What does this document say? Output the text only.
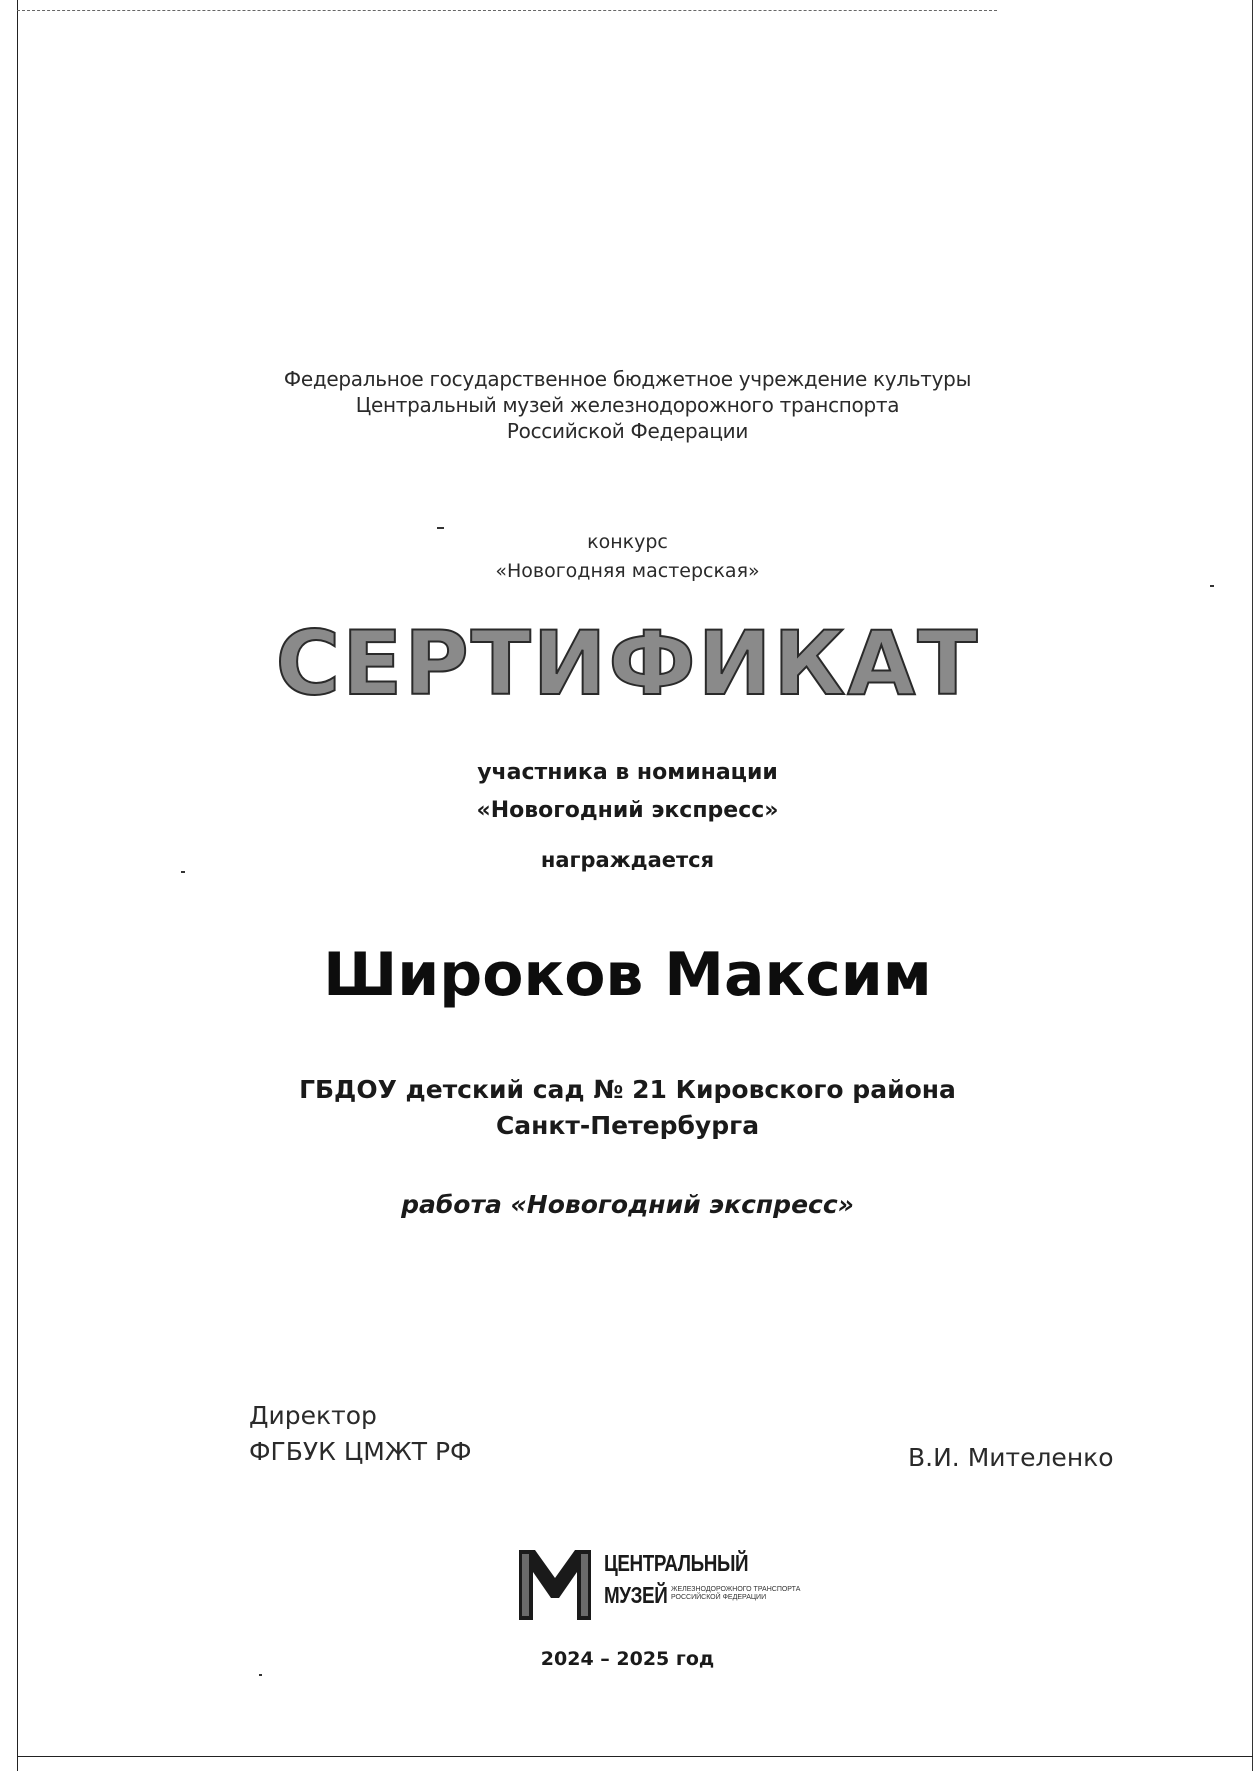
Федеральное государственное бюджетное учреждение культуры
Центральный музей железнодорожного транспорта
Российской Федерации
конкурс
«Новогодняя мастерская»
СЕРТИФИКАТ
участника в номинации
«Новогодний экспресс»
награждается
Широков Максим
ГБДОУ детский сад № 21 Кировского района
Санкт-Петербурга
работа «Новогодний экспресс»
Директор
ФГБУК ЦМЖТ РФ	В.И. Мителенко
ЦЕНТРАЛЬНЫЙ
МУЗЕЙ ЖЕЛЕЗНОДОРОЖНОГО ТРАНСПОРТА
РОССИЙСКОЙ ФЕДЕРАЦИИ
2024 – 2025 год
